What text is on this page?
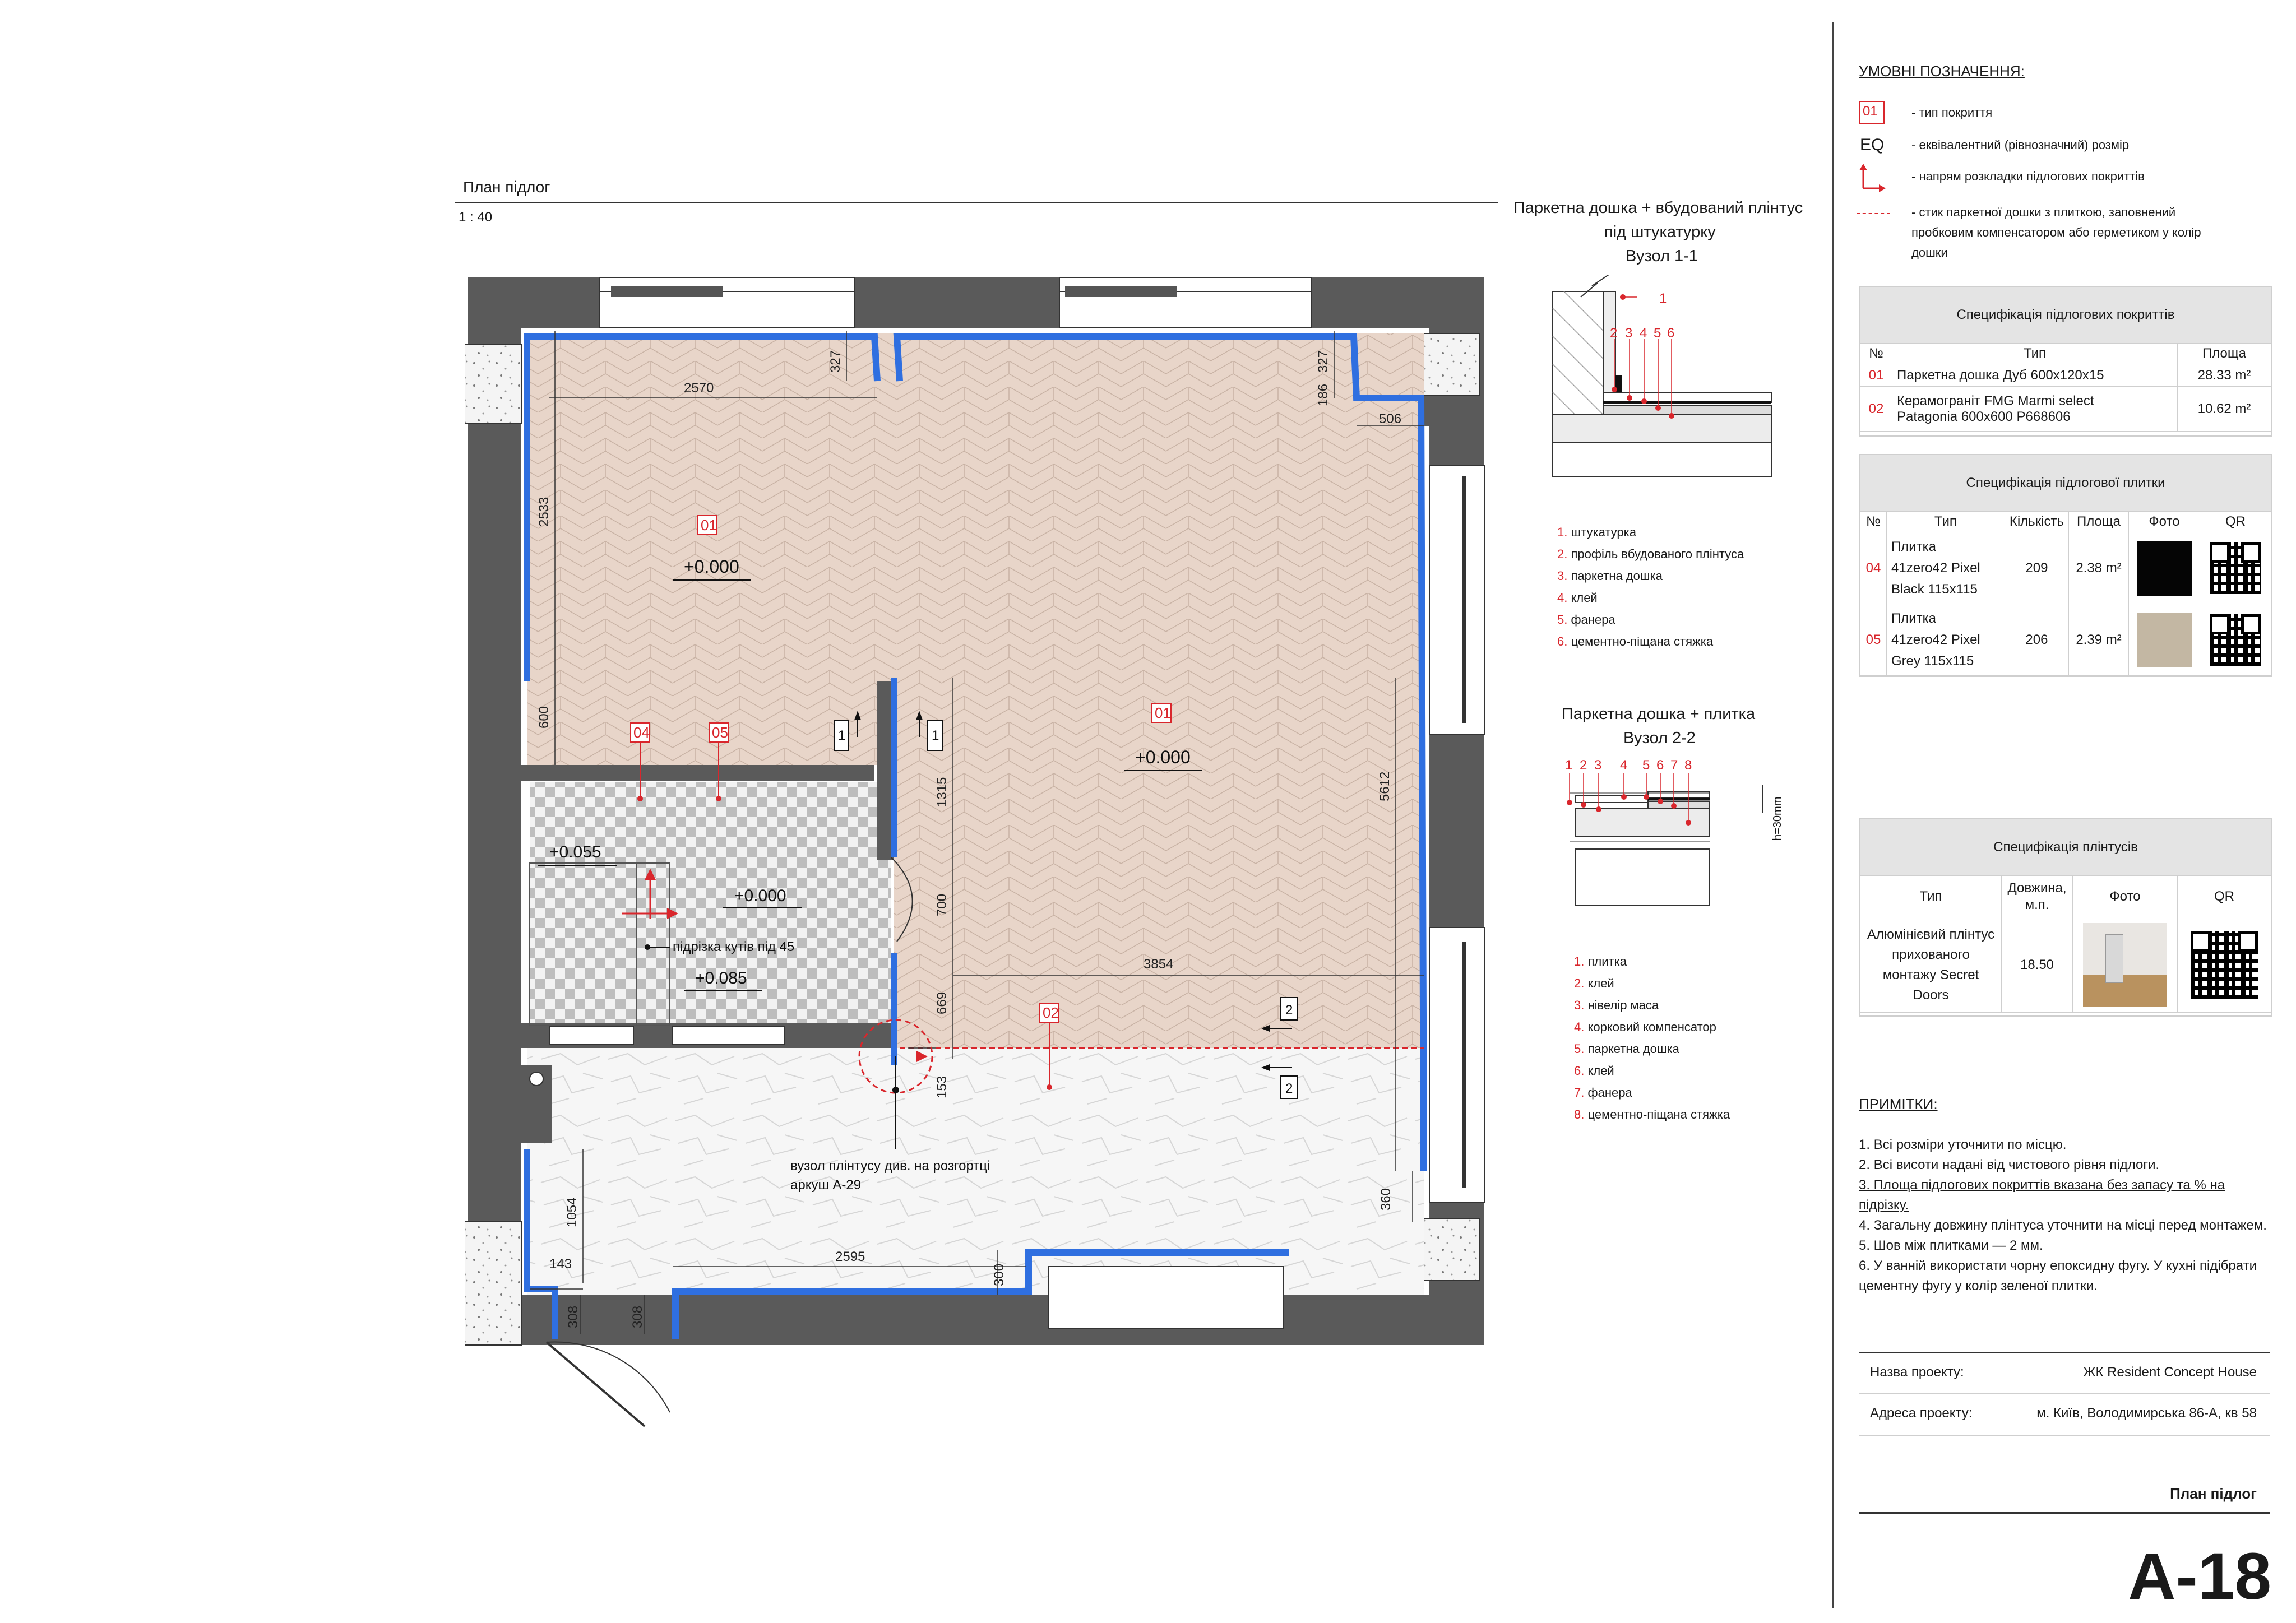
План підлог
1 : 40
2570
327	327
186
506
2533
600
1315
700
669
153
5612
3854
1054
143	2595
300
360
308	308
01
+0.000
01
+0.000
04	05
02
+0.055
+0.000
+0.085
підрізка кутів під 45
1	1
2
2
вузол плінтусу див. на розгортці
аркуш А-29
Паркетна дошка + вбудований плінтус
під штукатурку
Вузол 1-1
1
2 3 4 5 6
1. штукатурка
2. профіль вбудованого плінтуса
3. паркетна дошка
4. клей
5. фанера
6. цементно-піщана стяжка
Паркетна дошка + плитка
Вузол 2-2
1 2 3 4 5 6 7 8
h=30mm
1. плитка
2. клей
3. нівелір маса
4. корковий компенсатор
5. паркетна дошка
6. клей
7. фанера
8. цементно-піщана стяжка
УМОВНІ ПОЗНАЧЕННЯ:
01	- тип покриття
EQ - еквівалентний (рівнозначний) розмір
- напрям розкладки підлогових покриттів
- стик паркетної дошки з плиткою, заповнений
пробковим компенсатором або герметиком у колір
дошки
Специфікація підлогових покриттів
№	Тип	Площа
01	Паркетна дошка Дуб 600х120х15	28.33 m²
02	Керамограніт FMG Marmi select
Patagonia 600x600 P668606	10.62 m²
Специфікація підлогової плитки
№	Тип	Кількість	Площа	Фото	QR
04	Плитка
41zero42 Pixel
Black 115x115	209	2.38 m²	

05	Плитка
41zero42 Pixel
Grey 115x115	206	2.39 m²	

Специфікація плінтусів
Тип	Довжина,
м.п.	Фото	QR

Алюмінієвий плінтус
прихованого
монтажу Secret Doors	18.50	

ПРИМІТКИ:
1. Всі розміри уточнити по місцю.
2. Всі висоти надані від чистового рівня підлоги.
3. Площа підлогових покриттів вказана без запасу та % на
підрізку.
4. Загальну довжину плінтуса уточнити на місці перед монтажем.
5. Шов між плитками — 2 мм.
6. У ванній використати чорну епоксидну фугу. У кухні підібрати
цементну фугу у колір зеленої плитки.
Назва проекту:	ЖК Resident Concept House
Адреса проекту:	м. Київ, Володимирська 86-А, кв 58
План підлог
А-18
